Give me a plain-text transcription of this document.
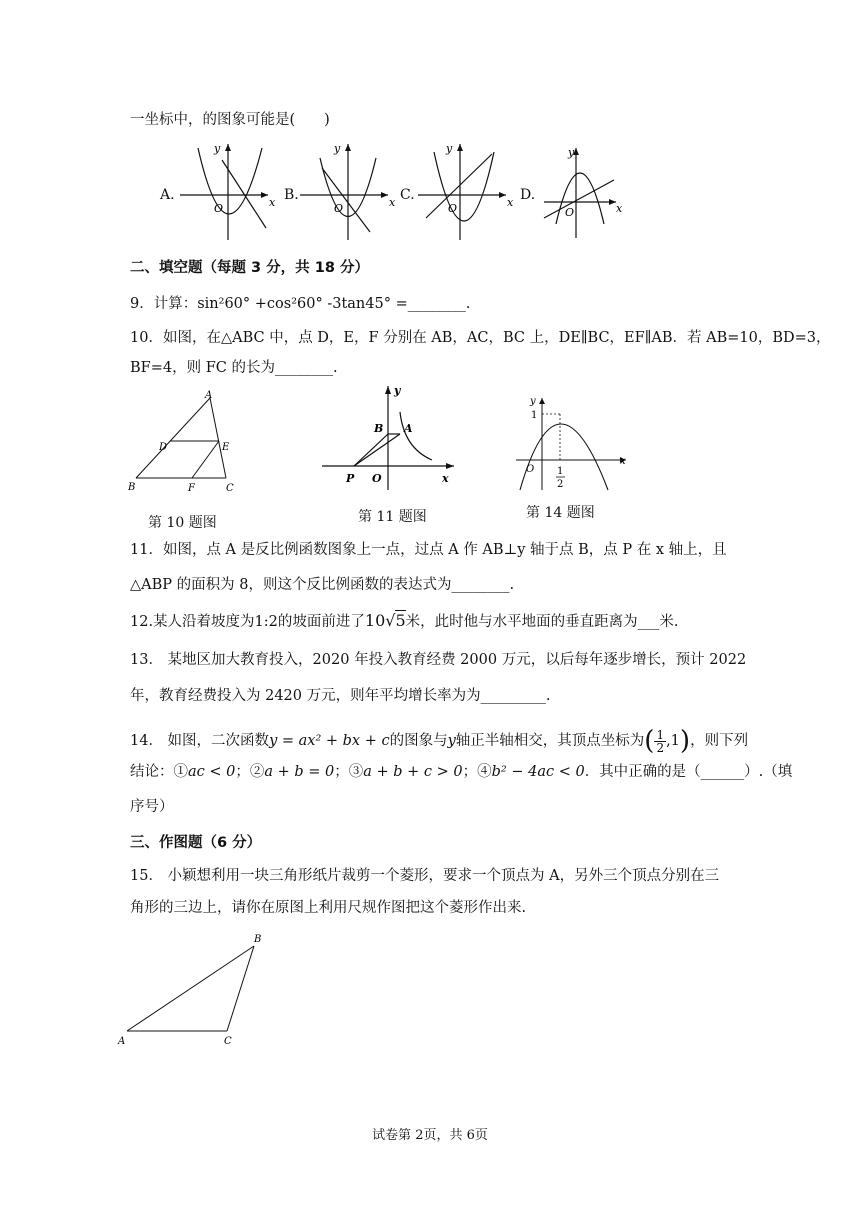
一坐标中，的图象可能是(　　)
A.
y
x
O
B.
y
x
O
C.
y
x
O
D.
y
x
O
二、填空题（每题 3 分，共 18 分）
9．计算：sin²60° +cos²60° -3tan45° =________.
10．如图，在△ABC 中，点 D，E，F 分别在 AB，AC，BC 上，DE∥BC，EF∥AB．若 AB=10，BD=3，
BF=4，则 FC 的长为________.
A
D	E
B	F	C
第 10 题图
y
x
B A
P O
第 11 题图
y
x
1
O 1
2
第 14 题图
11．如图，点 A 是反比例函数图象上一点，过点 A 作 AB⊥y 轴于点 B，点 P 在 x 轴上，且
△ABP 的面积为 8，则这个反比例函数的表达式为________.
12.某人沿着坡度为1:2的坡面前进了10√5米，此时他与水平地面的垂直距离为___米.
13． 某地区加大教育投入，2020 年投入教育经费 2000 万元，以后每年逐步增长，预计 2022
年，教育经费投入为 2420 万元，则年平均增长率为为_________.
14． 如图，二次函数y = ax² + bx + c的图象与y轴正半轴相交，其顶点坐标为( $\frac{1}{2} ,1$)，则下列
结论：①ac < 0；②a + b = 0；③a + b + c > 0；④b² − 4ac < 0．其中正确的是（______）.（填
序号）
三、作图题（6 分）
15． 小颖想利用一块三角形纸片裁剪一个菱形，要求一个顶点为 A，另外三个顶点分别在三
角形的三边上，请你在原图上利用尺规作图把这个菱形作出来.
A
B
C
试卷第 2页，共 6页
